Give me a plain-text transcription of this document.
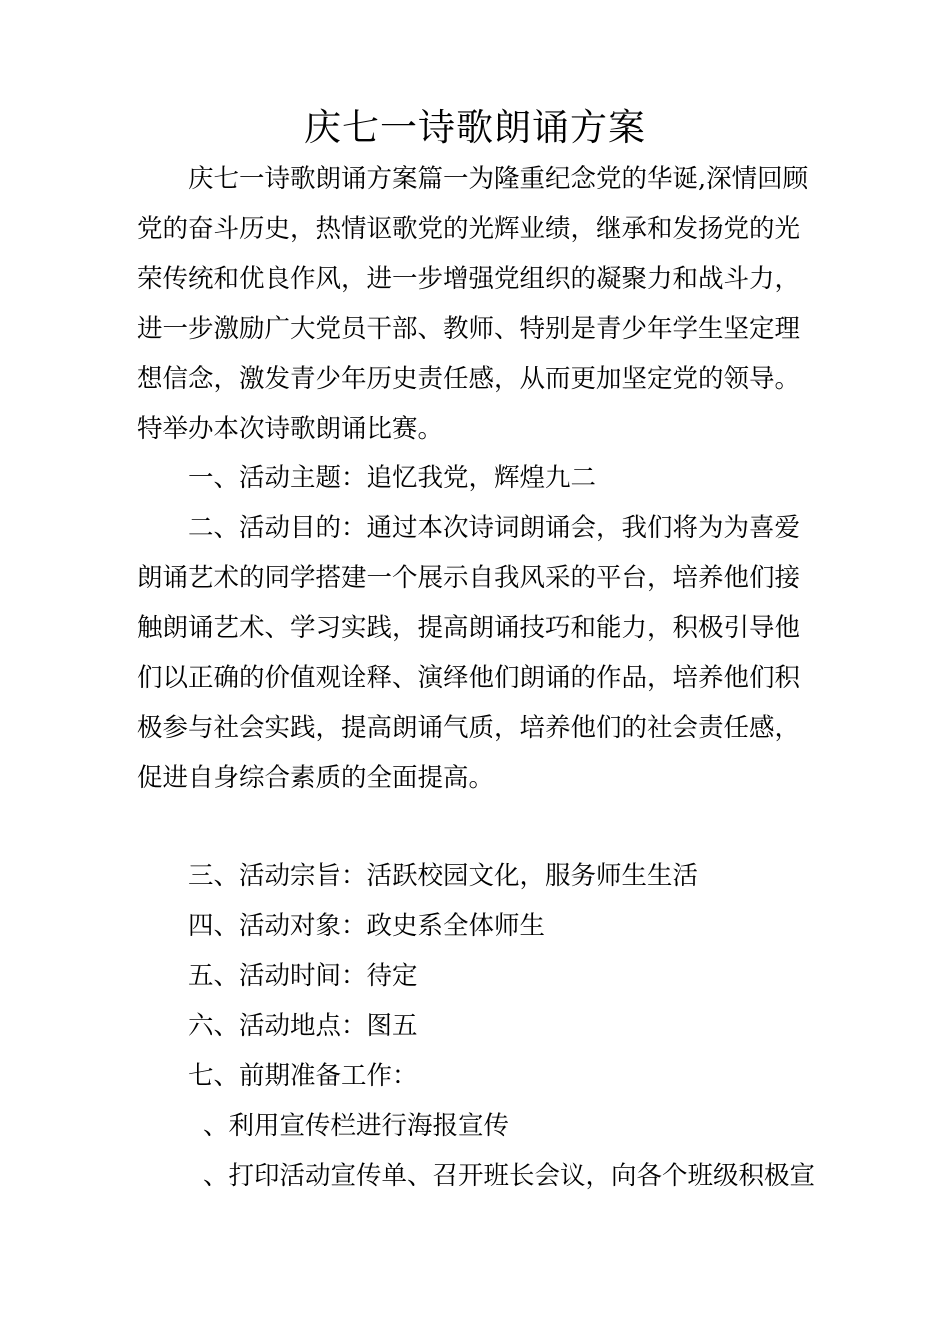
庆七一诗歌朗诵方案
庆七一诗歌朗诵方案篇一为隆重纪念党的华诞,深情回顾
党的奋斗历史，热情讴歌党的光辉业绩，继承和发扬党的光
荣传统和优良作风，进一步增强党组织的凝聚力和战斗力，
进一步激励广大党员干部、教师、特别是青少年学生坚定理
想信念，激发青少年历史责任感，从而更加坚定党的领导。
特举办本次诗歌朗诵比赛。
一、活动主题：追忆我党，辉煌九二
二、活动目的：通过本次诗词朗诵会，我们将为为喜爱
朗诵艺术的同学搭建一个展示自我风采的平台，培养他们接
触朗诵艺术、学习实践，提高朗诵技巧和能力，积极引导他
们以正确的价值观诠释、演绎他们朗诵的作品，培养他们积
极参与社会实践，提高朗诵气质，培养他们的社会责任感，
促进自身综合素质的全面提高。
三、活动宗旨：活跃校园文化，服务师生生活
四、活动对象：政史系全体师生
五、活动时间：待定
六、活动地点：图五
七、前期准备工作：
、利用宣传栏进行海报宣传
、打印活动宣传单、召开班长会议，向各个班级积极宣
